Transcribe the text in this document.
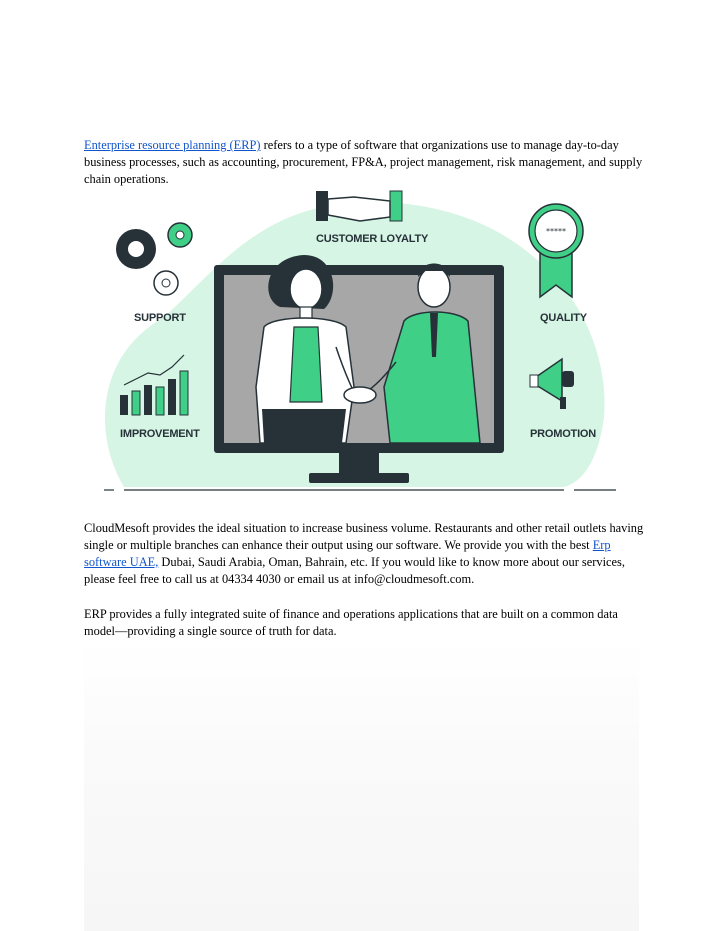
Enterprise resource planning (ERP) refers to a type of software that organizations use to manage day-to-day business processes, such as accounting, procurement, FP&A, project management, risk management, and supply chain operations.

CUSTOMER LOYALTY
SUPPORT
*****
QUALITY
IMPROVEMENT	PROMOTION

CloudMesoft provides the ideal situation to increase business volume. Restaurants and other retail outlets having single or multiple branches can enhance their output using our software. We provide you with the best Erp software UAE, Dubai, Saudi Arabia, Oman, Bahrain, etc. If you would like to know more about our services, please feel free to call us at 04334 4030 or email us at info@cloudmesoft.com.

ERP provides a fully integrated suite of finance and operations applications that are built on a common data model—providing a single source of truth for data.
